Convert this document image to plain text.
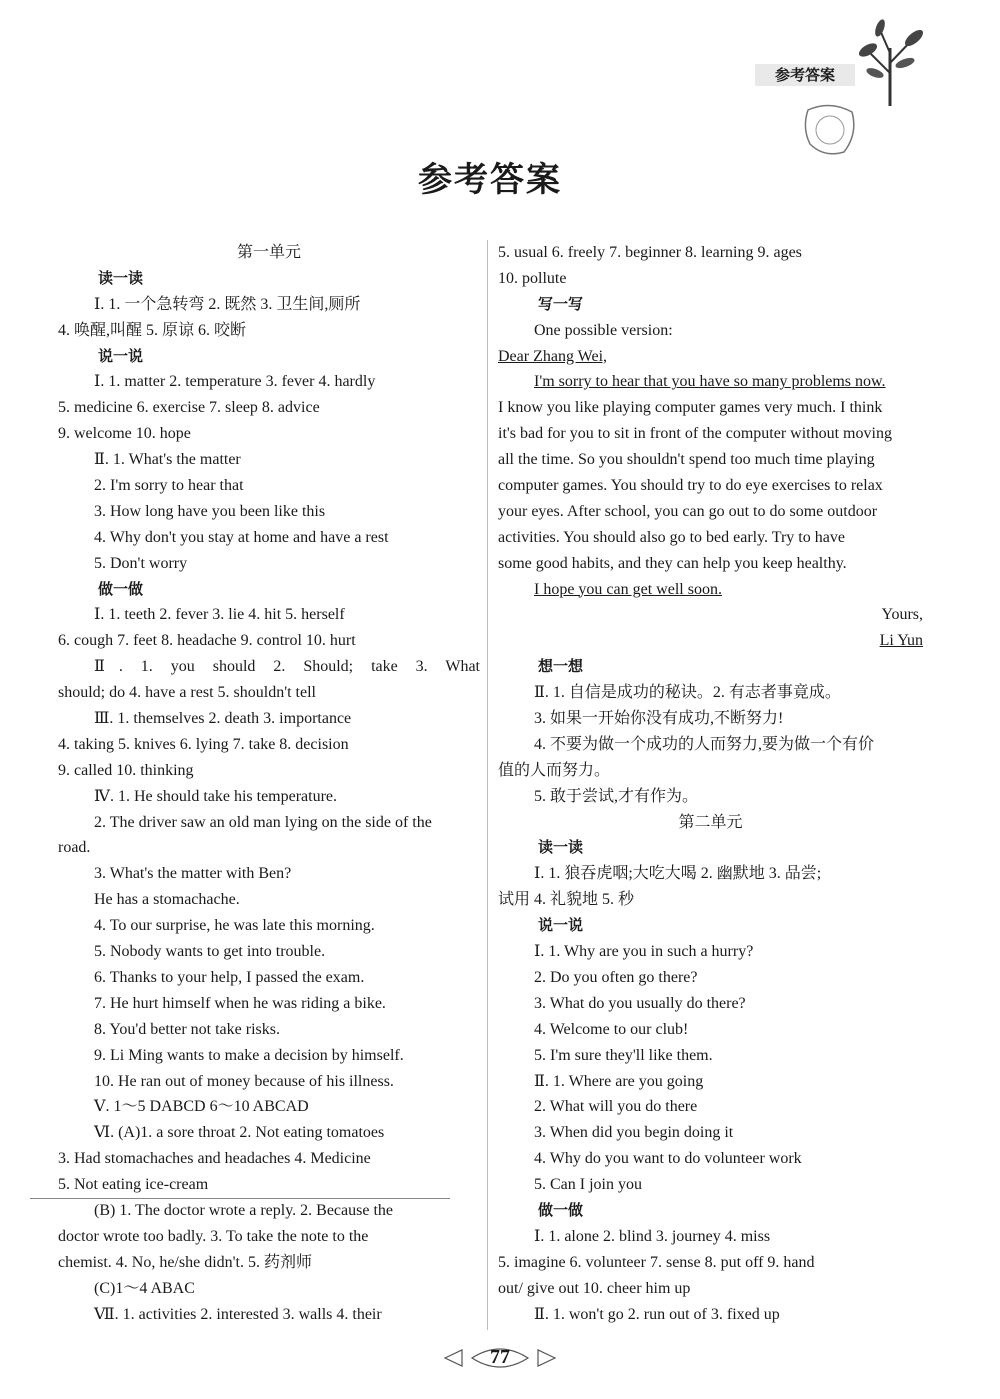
参考答案
参考答案
第一单元
读一读
Ⅰ. 1. 一个急转弯 2. 既然 3. 卫生间,厕所
4. 唤醒,叫醒 5. 原谅 6. 咬断
说一说
Ⅰ. 1. matter 2. temperature 3. fever 4. hardly
5. medicine 6. exercise 7. sleep 8. advice
9. welcome 10. hope
Ⅱ. 1. What's the matter
2. I'm sorry to hear that
3. How long have you been like this
4. Why don't you stay at home and have a rest
5. Don't worry
做一做
Ⅰ. 1. teeth 2. fever 3. lie 4. hit 5. herself
6. cough 7. feet 8. headache 9. control 10. hurt
Ⅱ. 1. you should 2. Should; take 3. What
should; do 4. have a rest 5. shouldn't tell
Ⅲ. 1. themselves 2. death 3. importance
4. taking 5. knives 6. lying 7. take 8. decision
9. called 10. thinking
Ⅳ. 1. He should take his temperature.
2. The driver saw an old man lying on the side of the
road.
3. What's the matter with Ben?
He has a stomachache.
4. To our surprise, he was late this morning.
5. Nobody wants to get into trouble.
6. Thanks to your help, I passed the exam.
7. He hurt himself when he was riding a bike.
8. You'd better not take risks.
9. Li Ming wants to make a decision by himself.
10. He ran out of money because of his illness.
Ⅴ. 1～5 DABCD 6～10 ABCAD
Ⅵ. (A)1. a sore throat 2. Not eating tomatoes
3. Had stomachaches and headaches 4. Medicine
5. Not eating ice-cream
(B) 1. The doctor wrote a reply. 2. Because the
doctor wrote too badly. 3. To take the note to the
chemist. 4. No, he/she didn't. 5. 药剂师
(C)1～4 ABAC
Ⅶ. 1. activities 2. interested 3. walls 4. their
5. usual 6. freely 7. beginner 8. learning 9. ages
10. pollute
写一写
One possible version:
Dear Zhang Wei,
I'm sorry to hear that you have so many problems now.
I know you like playing computer games very much. I think
it's bad for you to sit in front of the computer without moving
all the time. So you shouldn't spend too much time playing
computer games. You should try to do eye exercises to relax
your eyes. After school, you can go out to do some outdoor
activities. You should also go to bed early. Try to have
some good habits, and they can help you keep healthy.
I hope you can get well soon.
Yours,
Li Yun
想一想
Ⅱ. 1. 自信是成功的秘诀。2. 有志者事竟成。
3. 如果一开始你没有成功,不断努力!
4. 不要为做一个成功的人而努力,要为做一个有价
值的人而努力。
5. 敢于尝试,才有作为。
第二单元
读一读
Ⅰ. 1. 狼吞虎咽;大吃大喝 2. 幽默地 3. 品尝;
试用 4. 礼貌地 5. 秒
说一说
Ⅰ. 1. Why are you in such a hurry?
2. Do you often go there?
3. What do you usually do there?
4. Welcome to our club!
5. I'm sure they'll like them.
Ⅱ. 1. Where are you going
2. What will you do there
3. When did you begin doing it
4. Why do you want to do volunteer work
5. Can I join you
做一做
Ⅰ. 1. alone 2. blind 3. journey 4. miss
5. imagine 6. volunteer 7. sense 8. put off 9. hand
out/ give out 10. cheer him up
Ⅱ. 1. won't go 2. run out of 3. fixed up
77
